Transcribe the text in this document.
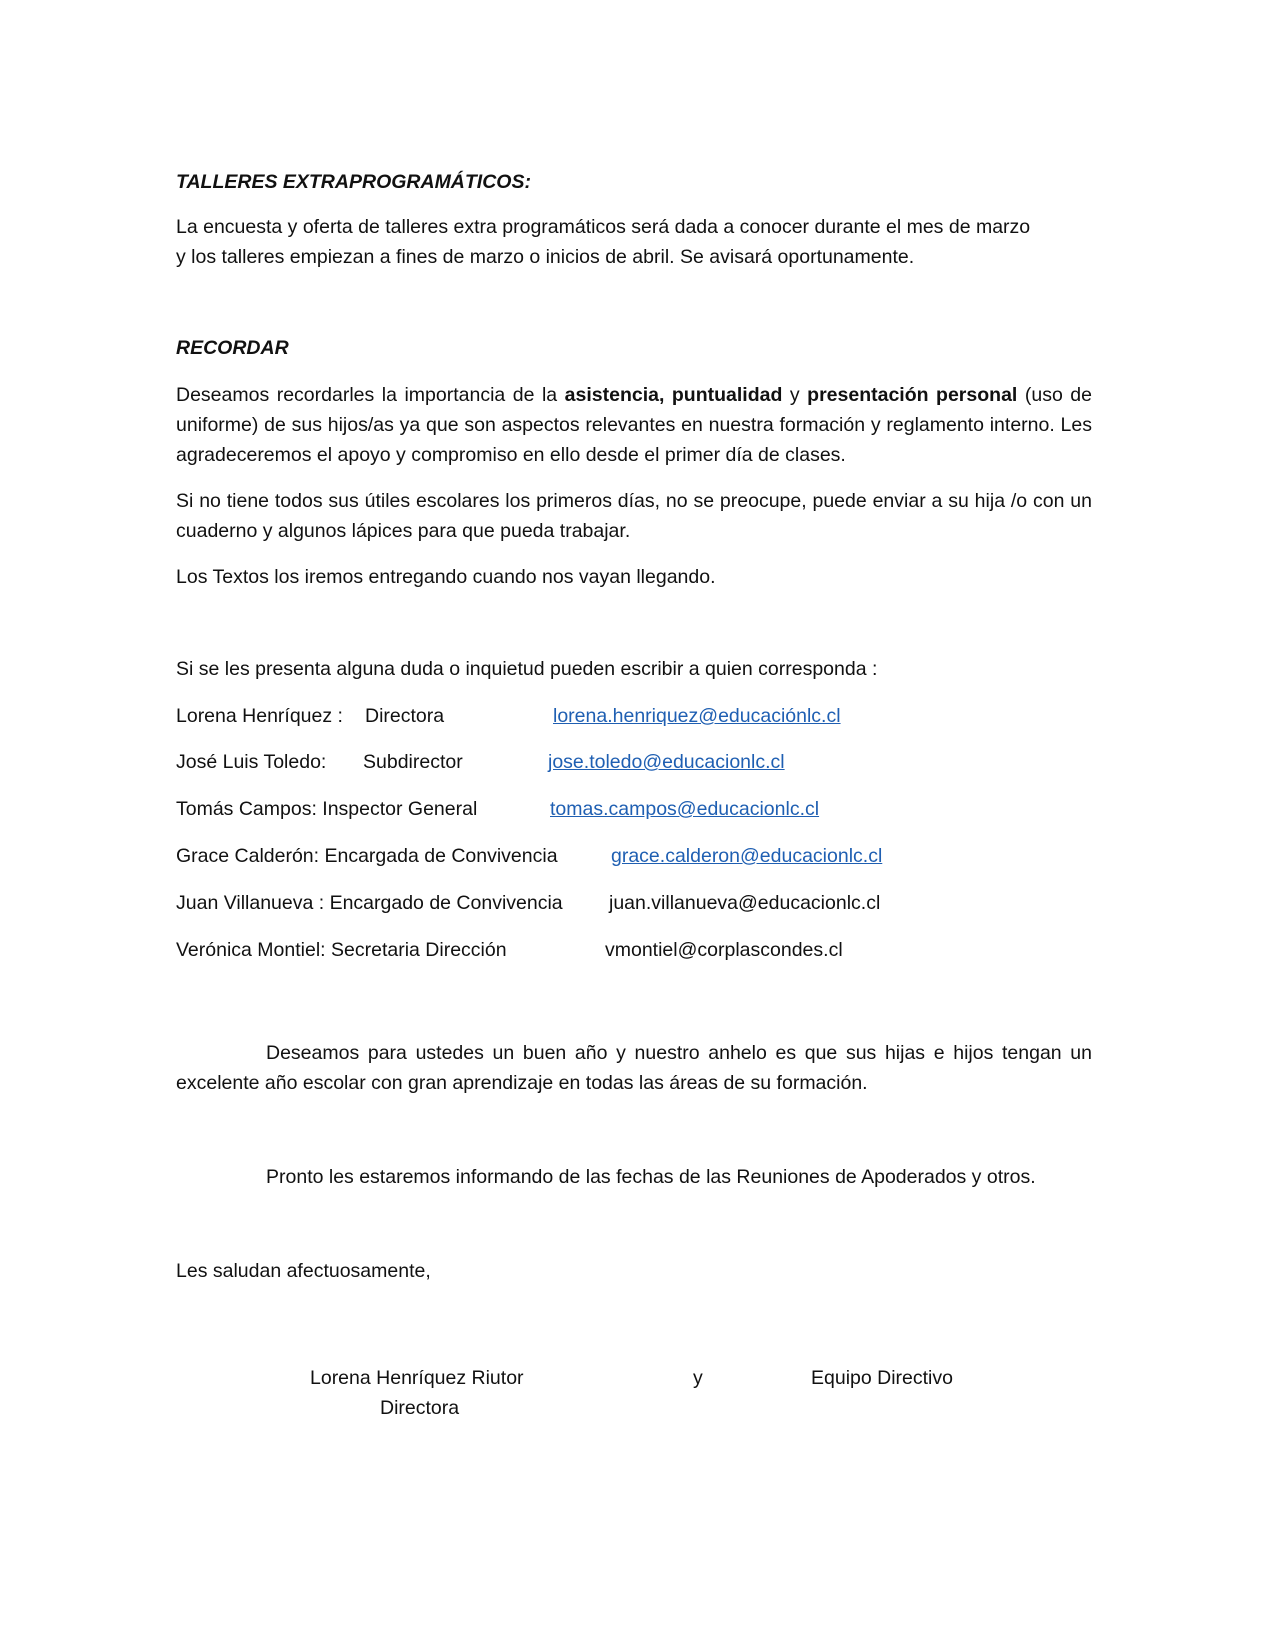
TALLERES EXTRAPROGRAMÁTICOS:
La encuesta y oferta de talleres extra programáticos será dada a conocer durante el mes de marzo
y los talleres empiezan a fines de marzo o inicios de abril. Se avisará oportunamente.
RECORDAR
Deseamos recordarles la importancia de la asistencia, puntualidad y presentación personal (uso de uniforme) de sus hijos/as ya que son aspectos relevantes en nuestra formación y reglamento interno. Les agradeceremos el apoyo y compromiso en ello desde el primer día de clases.
Si no tiene todos sus útiles escolares los primeros días, no se preocupe, puede enviar a su hija /o con un cuaderno y algunos lápices para que pueda trabajar.
Los Textos los iremos entregando cuando nos vayan llegando.
Si se les presenta alguna duda o inquietud pueden escribir a quien corresponda :
Lorena Henríquez : Directora	lorena.henriquez@educaciónlc.cl
José Luis Toledo: Subdirector	jose.toledo@educacionlc.cl
Tomás Campos: Inspector General	tomas.campos@educacionlc.cl
Grace Calderón: Encargada de Convivencia	grace.calderon@educacionlc.cl
Juan Villanueva : Encargado de Convivencia juan.villanueva@educacionlc.cl
Verónica Montiel: Secretaria Dirección	vmontiel@corplascondes.cl
Deseamos para ustedes un buen año y nuestro anhelo es que sus hijas e hijos tengan un excelente año escolar con gran aprendizaje en todas las áreas de su formación.
Pronto les estaremos informando de las fechas de las Reuniones de Apoderados y otros.
Les saludan afectuosamente,
Lorena Henríquez Riutor
Directora
y	Equipo Directivo
